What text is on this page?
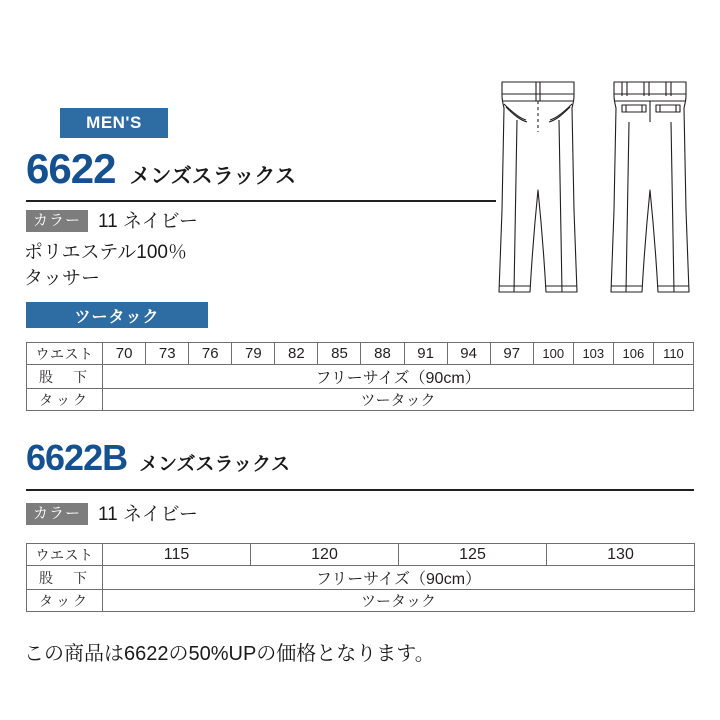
MEN'S
6622 メンズスラックス
カラー 11 ネイビー
ポリエステル100％
タッサー
ツータック
ウエスト	70	73	76	79	82	85	88	91	94	97	100	103	106	110
股　下	フリーサイズ（90cm）													
タック	ツータック													
6622B メンズスラックス
カラー 11 ネイビー
ウエスト	115	120	125	130
股　下	フリーサイズ（90cm）			
タック	ツータック			
この商品は6622の50%UPの価格となります。
